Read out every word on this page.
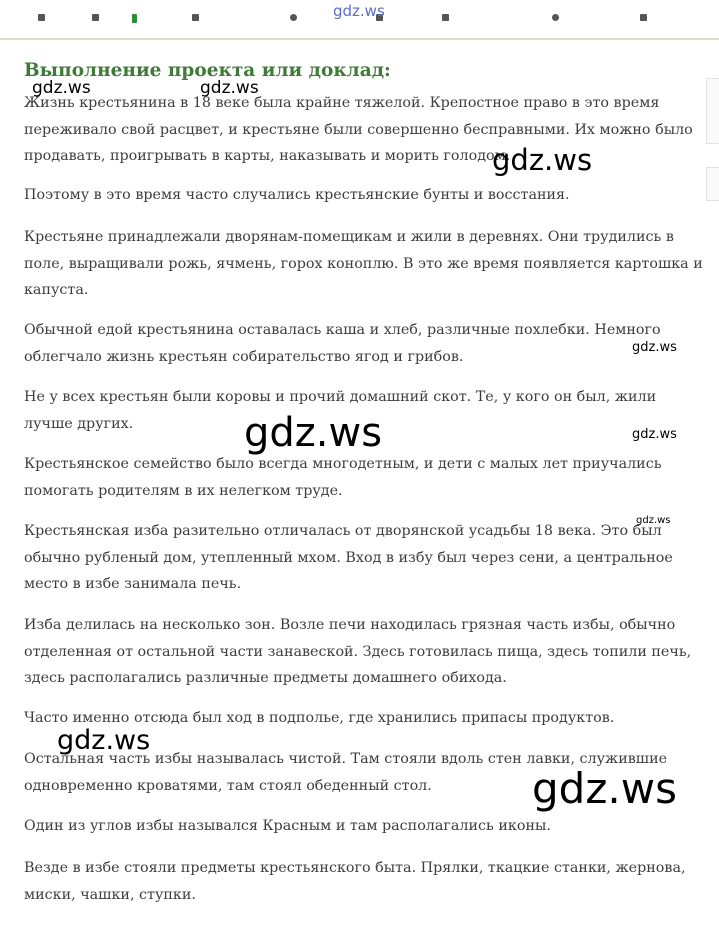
gdz.ws
Выполнение проекта или доклад:

Жизнь крестьянина в 18 веке была крайне тяжелой. Крепостное право в это время переживало свой расцвет, и крестьяне были совершенно бесправными. Их можно было продавать, проигрывать в карты, наказывать и морить голодом.

Поэтому в это время часто случались крестьянские бунты и восстания.

Крестьяне принадлежали дворянам-помещикам и жили в деревнях. Они трудились в поле, выращивали рожь, ячмень, горох коноплю. В это же время появляется картошка и капуста.

Обычной едой крестьянина оставалась каша и хлеб, различные похлебки. Немного облегчало жизнь крестьян собирательство ягод и грибов.

Не у всех крестьян были коровы и прочий домашний скот. Те, у кого он был, жили лучше других.

Крестьянское семейство было всегда многодетным, и дети с малых лет приучались помогать родителям в их нелегком труде.

Крестьянская изба разительно отличалась от дворянской усадьбы 18 века. Это был обычно рубленый дом, утепленный мхом. Вход в избу был через сени, а центральное место в избе занимала печь.

Изба делилась на несколько зон. Возле печи находилась грязная часть избы, обычно отделенная от остальной части занавеской. Здесь готовилась пища, здесь топили печь, здесь располагались различные предметы домашнего обихода.

Часто именно отсюда был ход в подполье, где хранились припасы продуктов.

Остальная часть избы называлась чистой. Там стояли вдоль стен лавки, служившие одновременно кроватями, там стоял обеденный стол.

Один из углов избы назывался Красным и там располагались иконы.

Везде в избе стояли предметы крестьянского быта. Прялки, ткацкие станки, жернова, миски, чашки, ступки.

gdz.ws	gdz.ws
gdz.ws
gdz.ws
gdz.ws	gdz.ws
gdz.ws
gdz.ws
gdz.ws
